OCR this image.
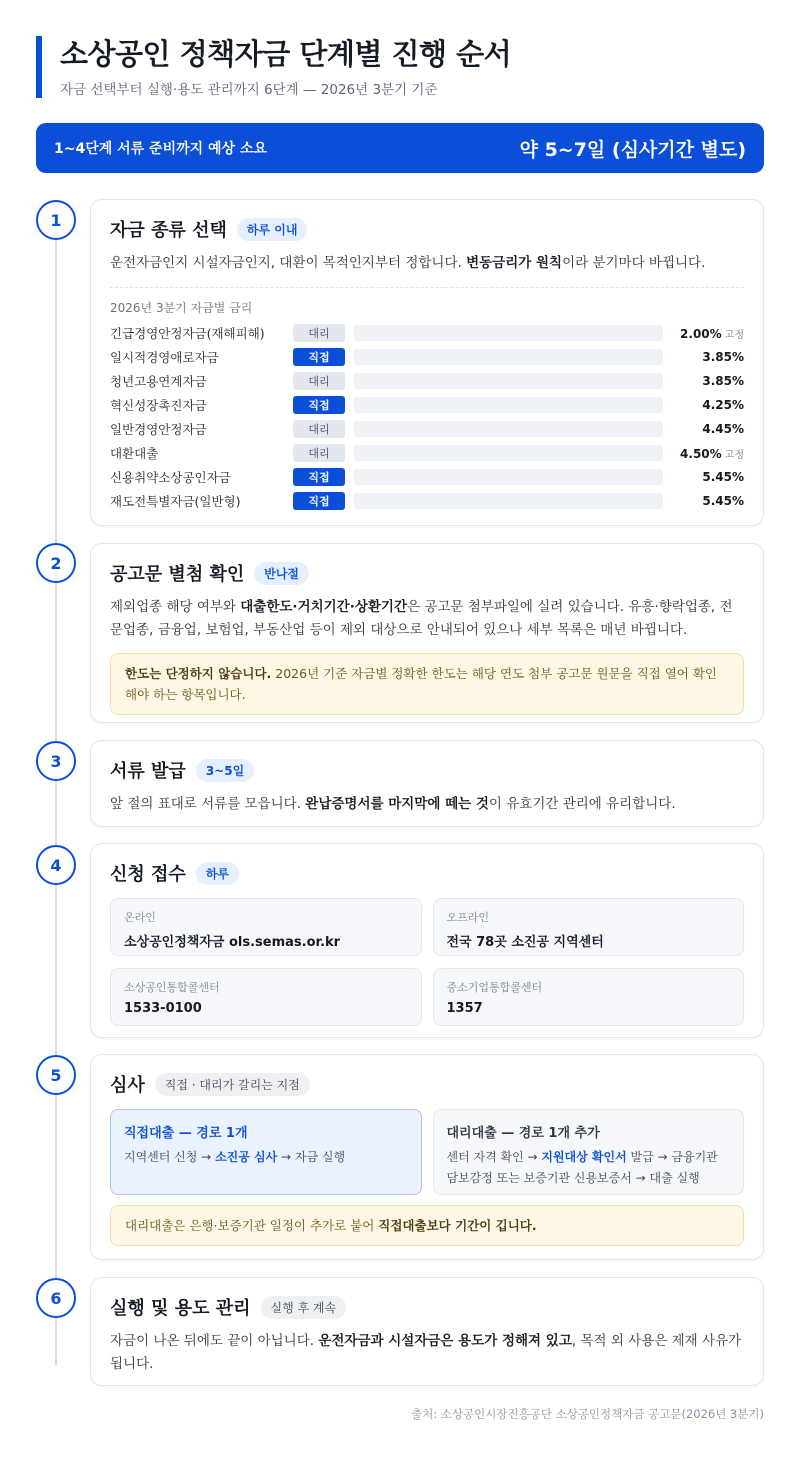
소상공인 정책자금 단계별 진행 순서
자금 선택부터 실행·용도 관리까지 6단계 — 2026년 3분기 기준
1~4단계 서류 준비까지 예상 소요	약 5~7일 (심사기간 별도)
1	자금 종류 선택	하루 이내
운전자금인지 시설자금인지, 대환이 목적인지부터 정합니다. 변동금리가 원칙이라 분기마다 바뀝니다.
2026년 3분기 자금별 금리
긴급경영안정자금(재해피해)	대리	2.00% 고정
일시적경영애로자금	직접	3.85%
청년고용연계자금	대리	3.85%
혁신성장촉진자금	직접	4.25%
일반경영안정자금	대리	4.45%
대환대출	대리	4.50% 고정
신용취약소상공인자금	직접	5.45%
재도전특별자금(일반형)	직접	5.45%
2
공고문 별첨 확인	반나절
제외업종 해당 여부와 대출한도·거치기간·상환기간은 공고문 첨부파일에 실려 있습니다. 유흥·향락업종, 전문업종, 금융업, 보험업, 부동산업 등이 제외 대상으로 안내되어 있으나 세부 목록은 매년 바뀝니다.
한도는 단정하지 않습니다. 2026년 기준 자금별 정확한 한도는 해당 연도 첨부 공고문 원문을 직접 열어 확인해야 하는 항목입니다.
3	서류 발급	3~5일
앞 절의 표대로 서류를 모읍니다. 완납증명서를 마지막에 떼는 것이 유효기간 관리에 유리합니다.
4	신청 접수	하루
온라인
소상공인정책자금 ols.semas.or.kr
오프라인
전국 78곳 소진공 지역센터
소상공인통합콜센터
1533-0100
중소기업통합콜센터
1357
5	심사	직접 · 대리가 갈리는 지점
직접대출 — 경로 1개
지역센터 신청 → 소진공 심사 → 자금 실행
대리대출 — 경로 1개 추가
센터 자격 확인 → 지원대상 확인서 발급 → 금융기관 담보감정 또는 보증기관 신용보증서 → 대출 실행
대리대출은 은행·보증기관 일정이 추가로 붙어 직접대출보다 기간이 깁니다.
6	실행 및 용도 관리	실행 후 계속
자금이 나온 뒤에도 끝이 아닙니다. 운전자금과 시설자금은 용도가 정해져 있고, 목적 외 사용은 제재 사유가 됩니다.
출처: 소상공인시장진흥공단 소상공인정책자금 공고문(2026년 3분기)
